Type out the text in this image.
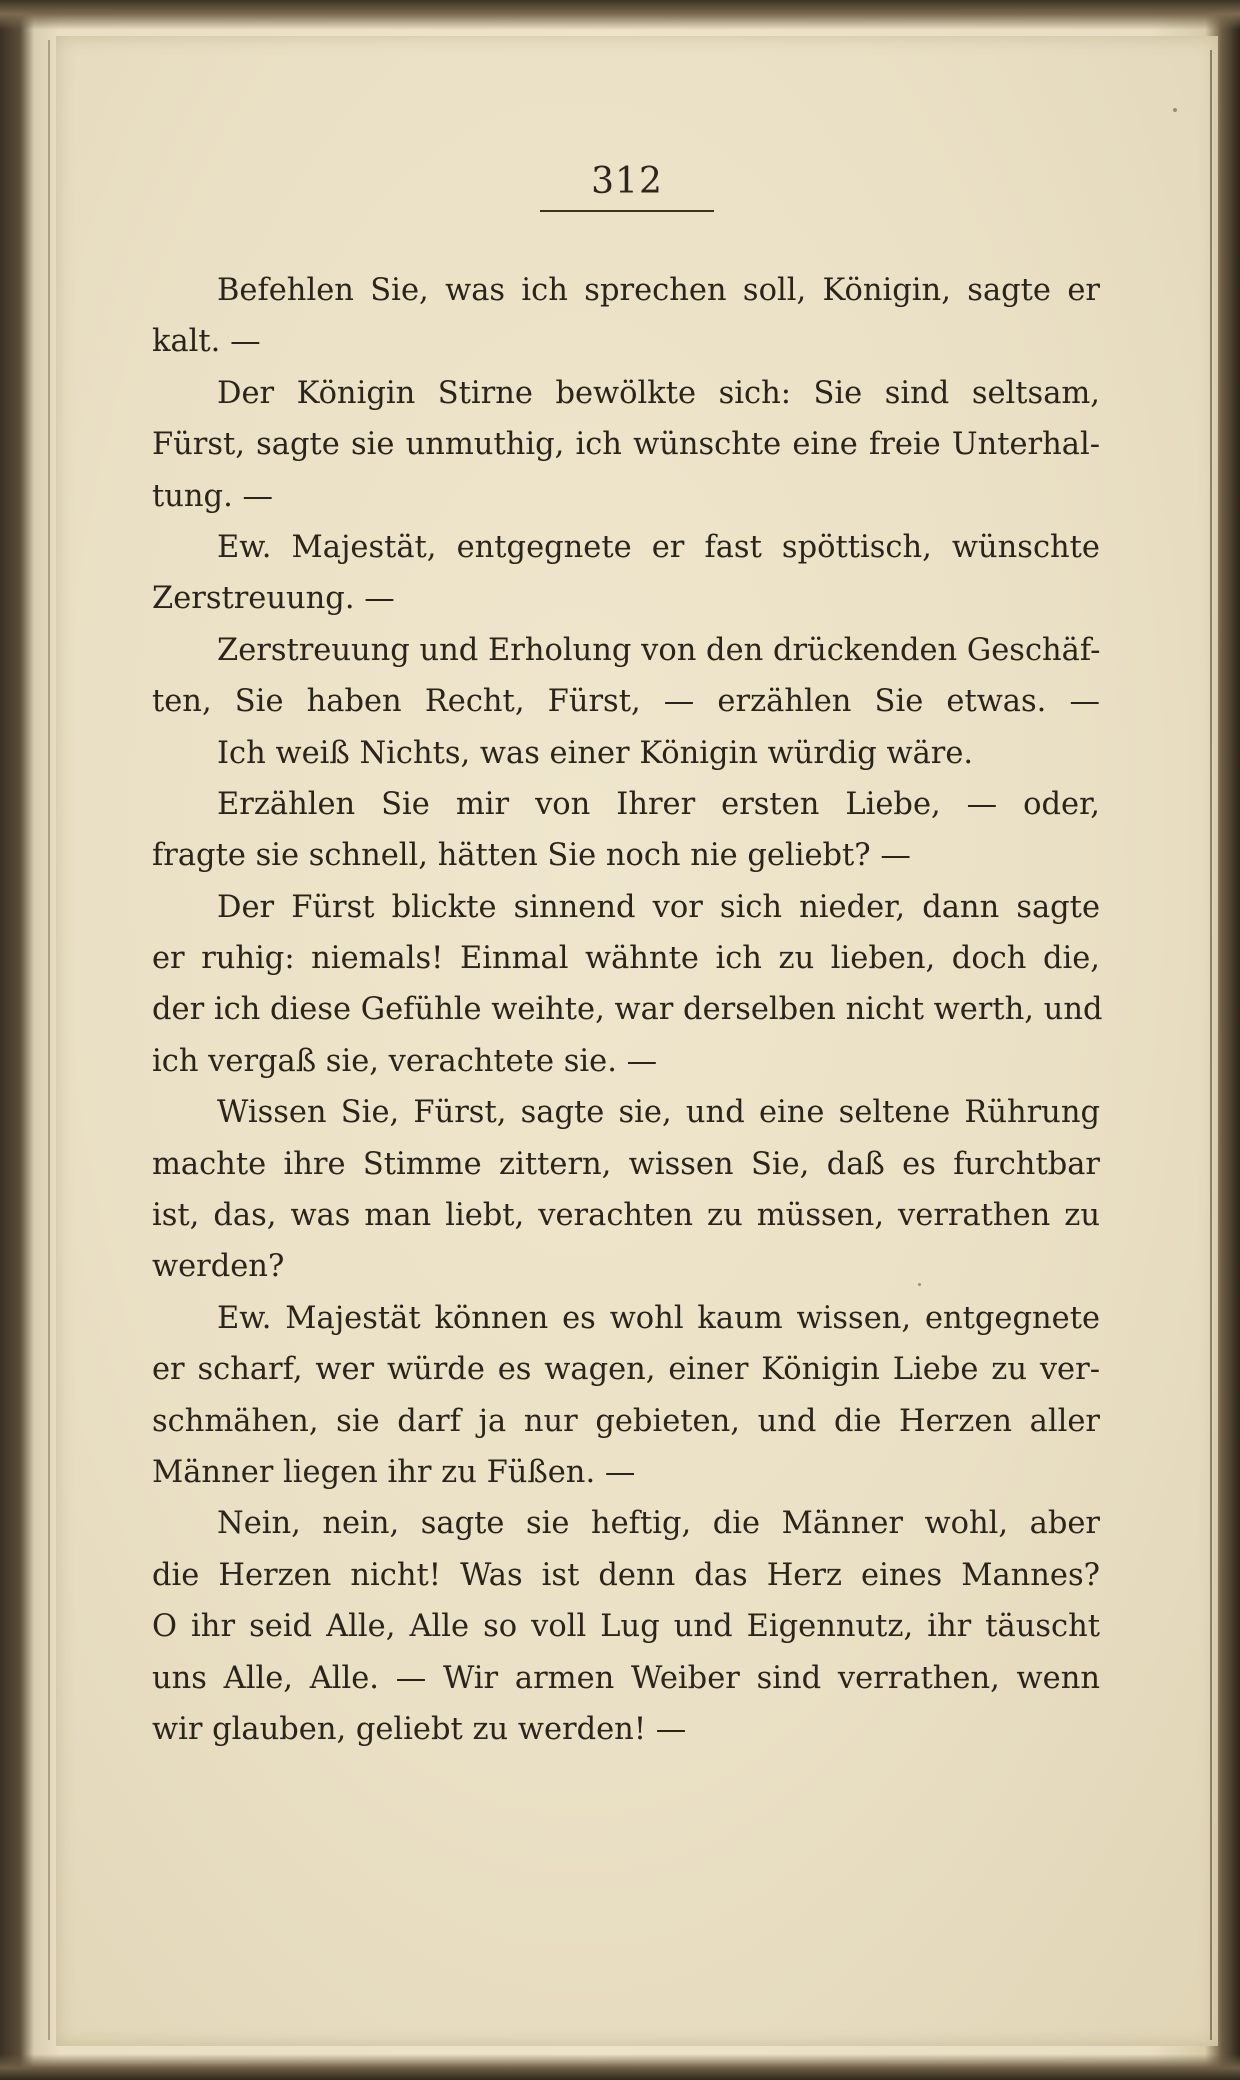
312
Befehlen Sie, was ich sprechen soll, Königin, sagte er
kalt. —
Der Königin Stirne bewölkte sich: Sie sind seltsam,
Fürst, sagte sie unmuthig, ich wünschte eine freie Unterhal-
tung. —
Ew. Majestät, entgegnete er fast spöttisch, wünschte
Zerstreuung. —
Zerstreuung und Erholung von den drückenden Geschäf-
ten, Sie haben Recht, Fürst, — erzählen Sie etwas. —
Ich weiß Nichts, was einer Königin würdig wäre.
Erzählen Sie mir von Ihrer ersten Liebe, — oder,
fragte sie schnell, hätten Sie noch nie geliebt? —
Der Fürst blickte sinnend vor sich nieder, dann sagte
er ruhig: niemals! Einmal wähnte ich zu lieben, doch die,
der ich diese Gefühle weihte, war derselben nicht werth, und
ich vergaß sie, verachtete sie. —
Wissen Sie, Fürst, sagte sie, und eine seltene Rührung
machte ihre Stimme zittern, wissen Sie, daß es furchtbar
ist, das, was man liebt, verachten zu müssen, verrathen zu
werden?
Ew. Majestät können es wohl kaum wissen, entgegnete
er scharf, wer würde es wagen, einer Königin Liebe zu ver-
schmähen, sie darf ja nur gebieten, und die Herzen aller
Männer liegen ihr zu Füßen. —
Nein, nein, sagte sie heftig, die Männer wohl, aber
die Herzen nicht! Was ist denn das Herz eines Mannes?
O ihr seid Alle, Alle so voll Lug und Eigennutz, ihr täuscht
uns Alle, Alle. — Wir armen Weiber sind verrathen, wenn
wir glauben, geliebt zu werden! —
